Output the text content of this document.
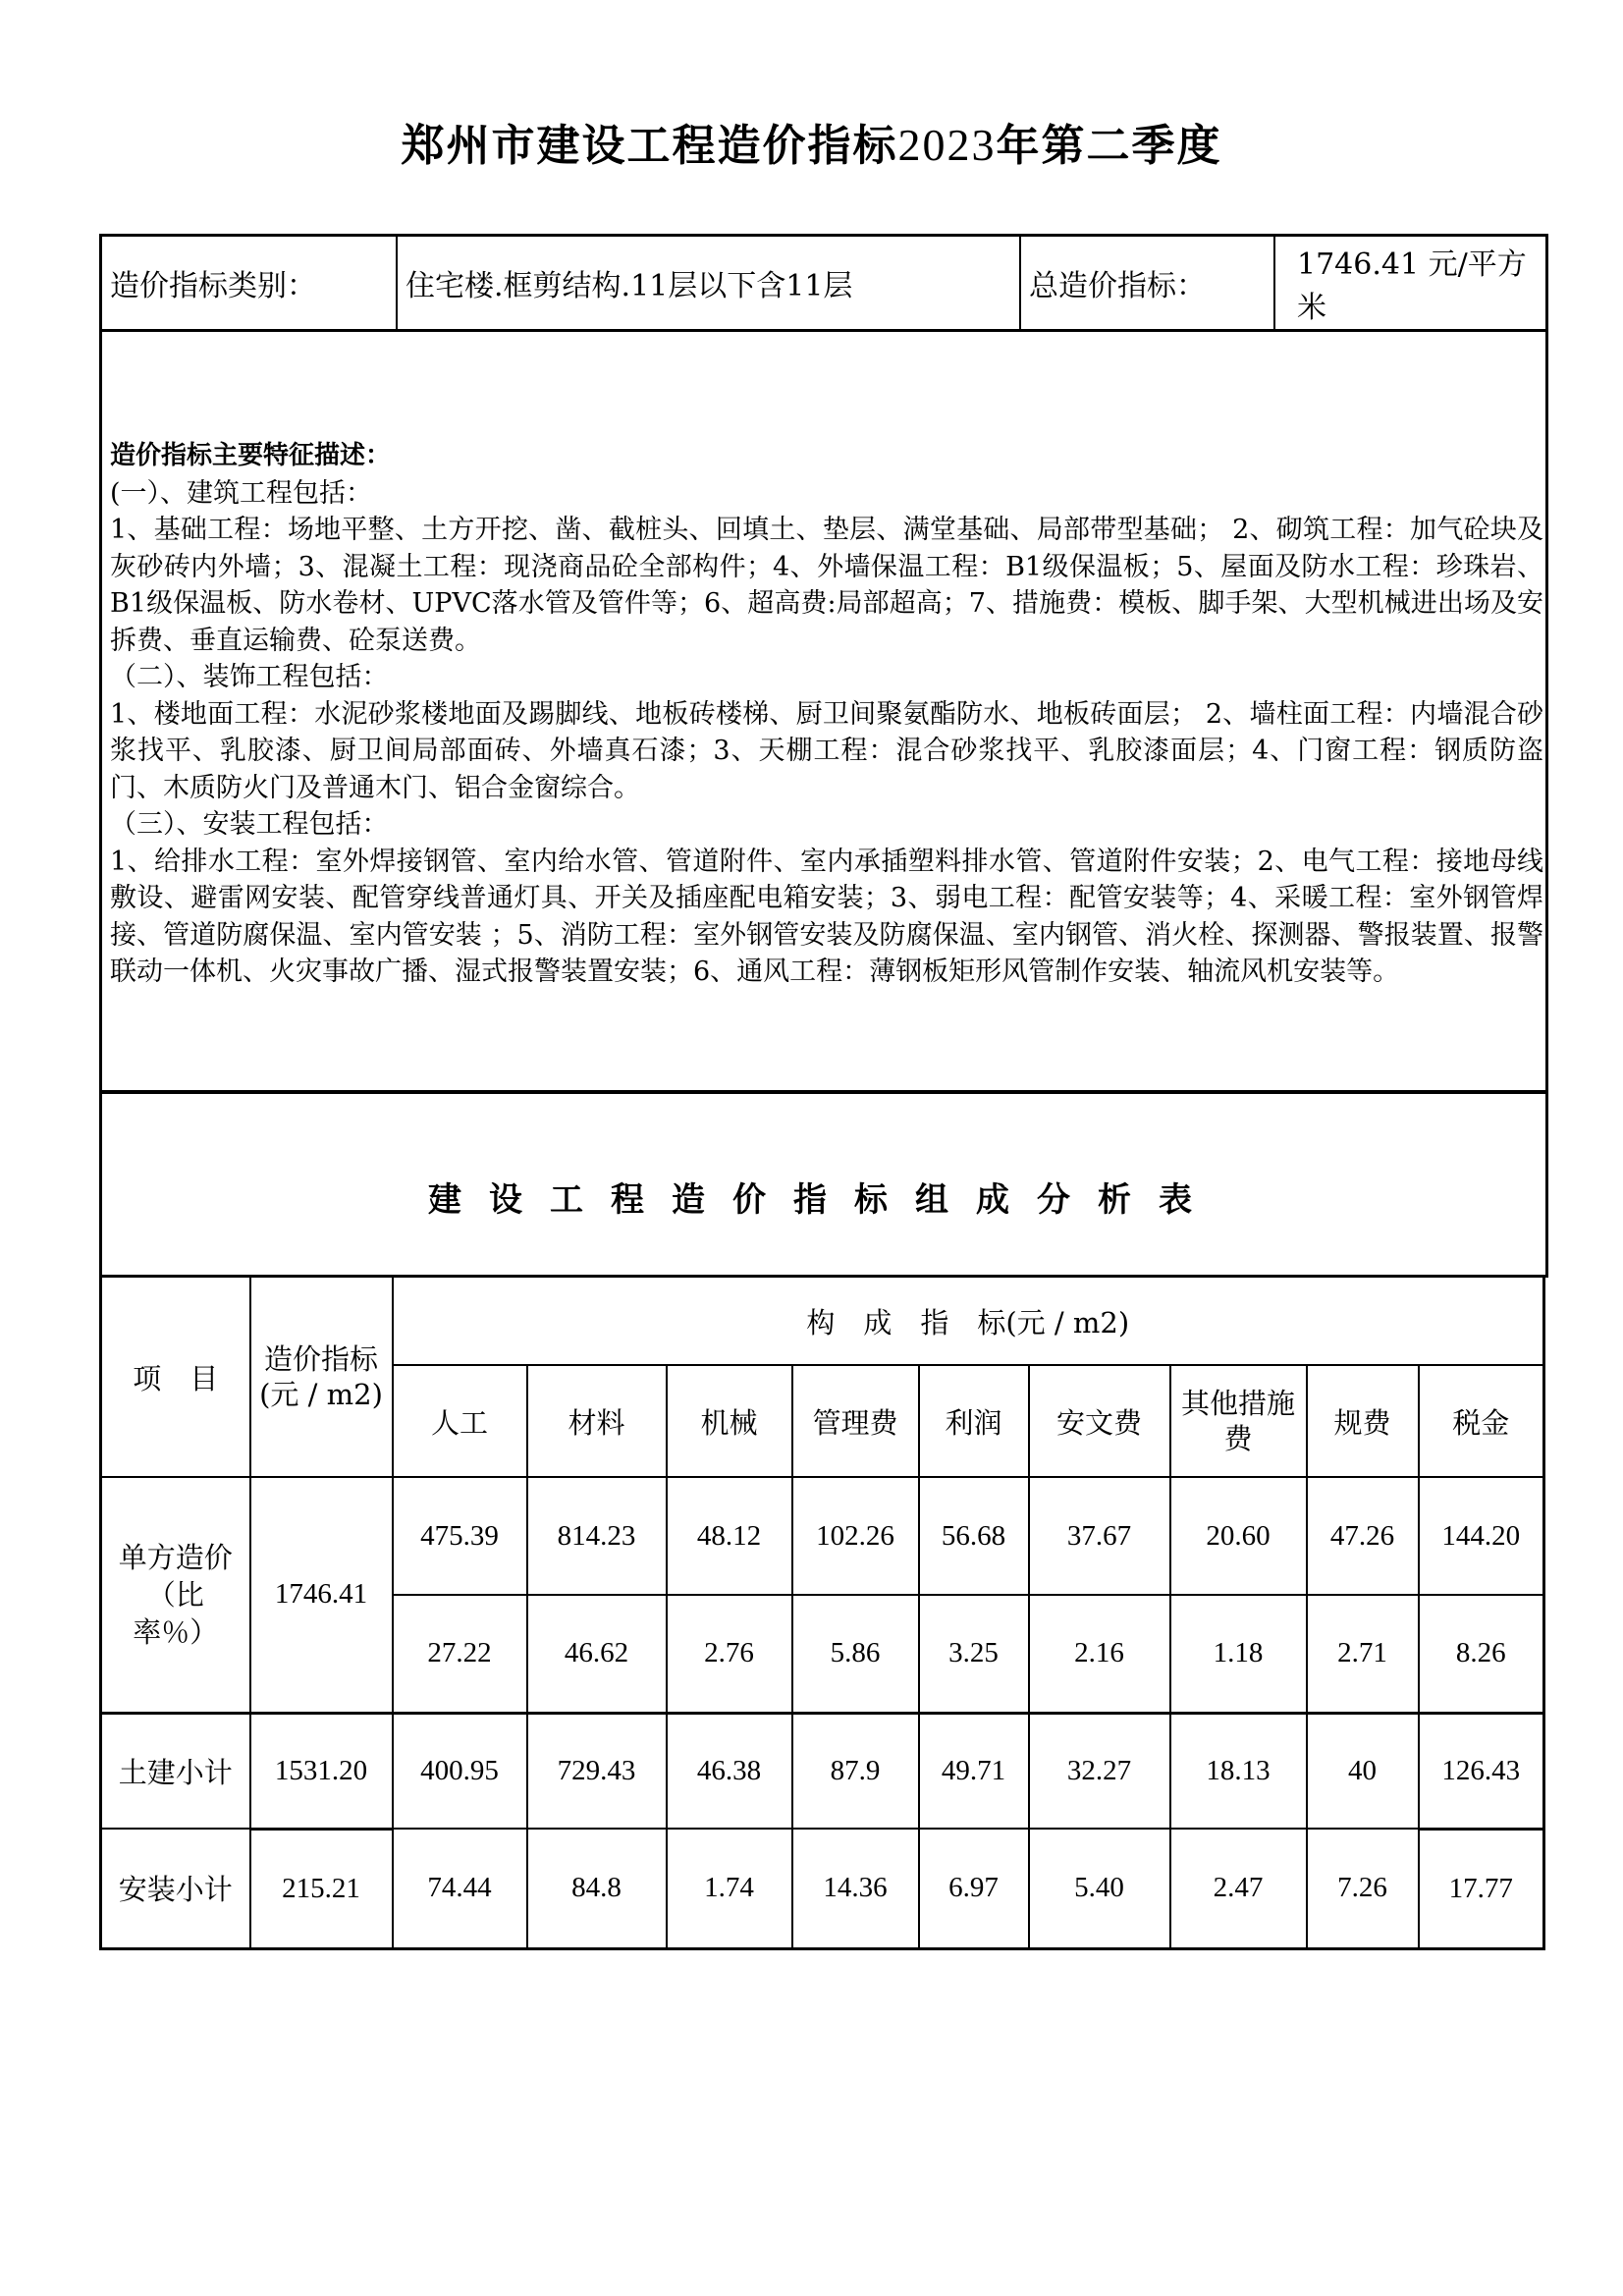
郑州市建设工程造价指标2023年第二季度
造价指标类别：	住宅楼.框剪结构.11层以下含11层	总造价指标：
1746.41 元/平方米

造价指标主要特征描述：

(一）、建筑工程包括：

1、基础工程：场地平整、土方开挖、凿、截桩头、回填土、垫层、满堂基础、局部带型基础； 2、砌筑工程：加气砼块及灰砂砖内外墙；3、混凝土工程：现浇商品砼全部构件；4、外墙保温工程：B1级保温板；5、屋面及防水工程：珍珠岩、B1级保温板、防水卷材、UPVC落水管及管件等；6、超高费:局部超高；7、措施费：模板、脚手架、大型机械进出场及安拆费、垂直运输费、砼泵送费。

（二）、装饰工程包括：

1、楼地面工程：水泥砂浆楼地面及踢脚线、地板砖楼梯、厨卫间聚氨酯防水、地板砖面层； 2、墙柱面工程：内墙混合砂浆找平、乳胶漆、厨卫间局部面砖、外墙真石漆；3、天棚工程：混合砂浆找平、乳胶漆面层；4、门窗工程：钢质防盗门、木质防火门及普通木门、铝合金窗综合。

（三）、安装工程包括：

1、给排水工程：室外焊接钢管、室内给水管、管道附件、室内承插塑料排水管、管道附件安装；2、电气工程：接地母线敷设、避雷网安装、配管穿线普通灯具、开关及插座配电箱安装；3、弱电工程：配管安装等；4、采暖工程：室外钢管焊接、管道防腐保温、室内管安装 ；5、消防工程：室外钢管安装及防腐保温、室内钢管、消火栓、探测器、警报装置、报警联动一体机、火灾事故广播、湿式报警装置安装；6、通风工程：薄钢板矩形风管制作安装、轴流风机安装等。

建设工程造价指标组成分析表
项　目	造价指标
(元 / m2)	构　成　指　标(元 / m2)								
		人工	材料	机械	管理费	利润	安文费	其他措施费	规费	税金
单方造价（比率％）	1746.41	475.39	814.23	48.12	102.26	56.68	37.67	20.60	47.26	144.20
		27.22	46.62	2.76	5.86	3.25	2.16	1.18	2.71	8.26
土建小计	1531.20	400.95	729.43	46.38	87.9	49.71	32.27	18.13	40	126.43
安装小计	215.21	74.44	84.8	1.74	14.36	6.97	5.40	2.47	7.26	17.77
